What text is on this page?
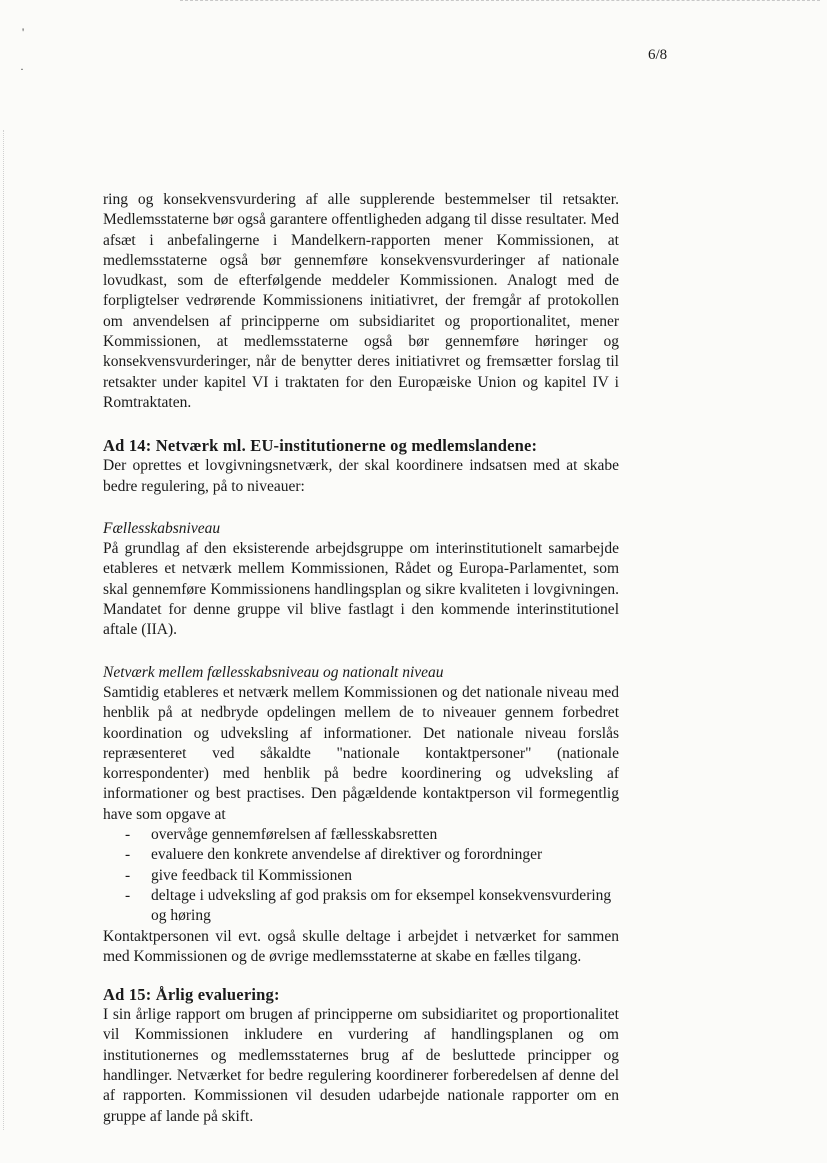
'
·
6/8

ring og konsekvensvurdering af alle supplerende bestemmelser til retsakter. Medlemsstaterne bør også garantere offentligheden adgang til disse resultater. Med afsæt i anbefalingerne i Mandelkern-rapporten mener Kommissionen, at medlemsstaterne også bør gennemføre konsekvensvurderinger af nationale lovudkast, som de efterfølgende meddeler Kommissionen. Analogt med de forpligtelser vedrørende Kommissionens initiativret, der fremgår af protokollen om anvendelsen af principperne om subsidiaritet og proportionalitet, mener Kommissionen, at medlemsstaterne også bør gennemføre høringer og konsekvensvurderinger, når de benytter deres initiativret og fremsætter forslag til retsakter under kapitel VI i traktaten for den Europæiske Union og kapitel IV i Romtraktaten.

Ad 14: Netværk ml. EU-institutionerne og medlemslandene:

Der oprettes et lovgivningsnetværk, der skal koordinere indsatsen med at skabe bedre regulering, på to niveauer:

Fællesskabsniveau

På grundlag af den eksisterende arbejdsgruppe om interinstitutionelt samarbejde etableres et netværk mellem Kommissionen, Rådet og Europa-Parlamentet, som skal gennemføre Kommissionens handlingsplan og sikre kvaliteten i lovgivningen. Mandatet for denne gruppe vil blive fastlagt i den kommende interinstitutionel aftale (IIA).

Netværk mellem fællesskabsniveau og nationalt niveau

Samtidig etableres et netværk mellem Kommissionen og det nationale niveau med henblik på at nedbryde opdelingen mellem de to niveauer gennem forbedret koordination og udveksling af informationer. Det nationale niveau forslås repræsenteret ved såkaldte "nationale kontaktpersoner" (nationale korrespondenter) med henblik på bedre koordinering og udveksling af informationer og best practises. Den pågældende kontaktperson vil formegentlig have som opgave at

- overvåge gennemførelsen af fællesskabsretten
- evaluere den konkrete anvendelse af direktiver og forordninger
- give feedback til Kommissionen
- deltage i udveksling af god praksis om for eksempel konsekvensvurdering og høring

Kontaktpersonen vil evt. også skulle deltage i arbejdet i netværket for sammen med Kommissionen og de øvrige medlemsstaterne at skabe en fælles tilgang.

Ad 15: Årlig evaluering:

I sin årlige rapport om brugen af principperne om subsidiaritet og proportionalitet vil Kommissionen inkludere en vurdering af handlingsplanen og om institutionernes og medlemsstaternes brug af de besluttede principper og handlinger. Netværket for bedre regulering koordinerer forberedelsen af denne del af rapporten. Kommissionen vil desuden udarbejde nationale rapporter om en gruppe af lande på skift.
